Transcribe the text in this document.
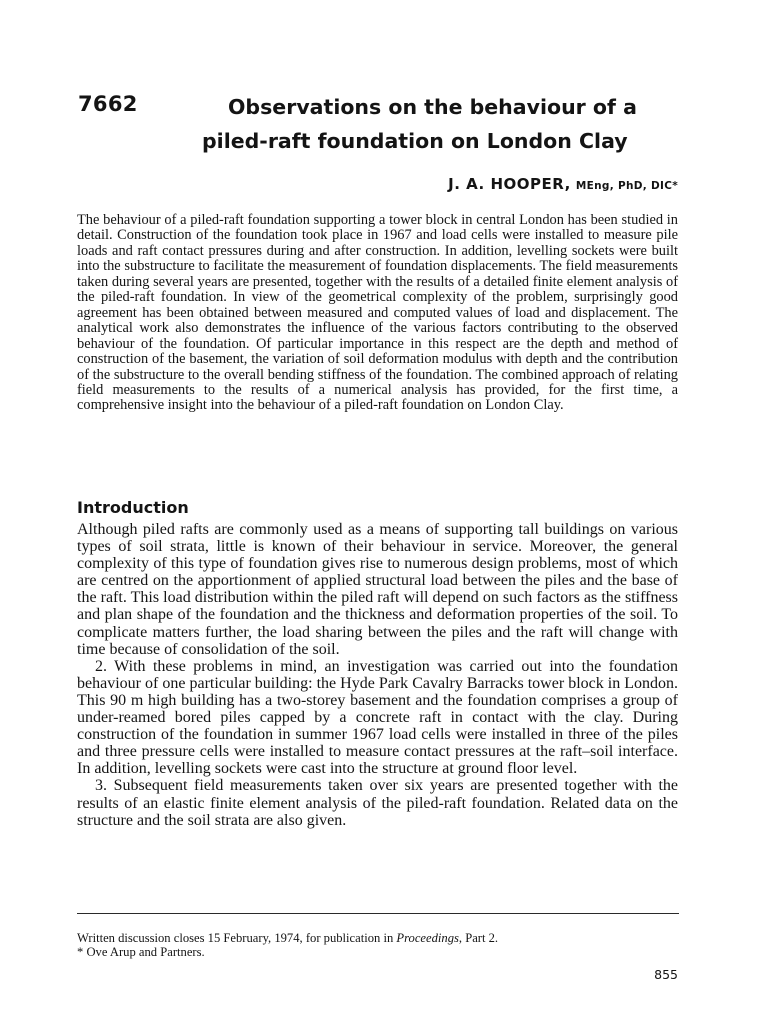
7662	Observations on the behaviour of a
piled-raft foundation on London Clay
J. A. HOOPER, MEng, PhD, DIC*

The behaviour of a piled-raft foundation supporting a tower block in central London has been studied in detail. Construction of the foundation took place in 1967 and load cells were installed to measure pile loads and raft contact pressures during and after construction. In addition, levelling sockets were built into the substructure to facilitate the measurement of foundation displacements. The field measurements taken during several years are presented, together with the results of a detailed finite element analysis of the piled-raft foundation. In view of the geometrical complexity of the problem, surprisingly good agreement has been obtained between measured and computed values of load and displacement. The analytical work also demonstrates the influence of the various factors contributing to the observed behaviour of the foundation. Of particular importance in this respect are the depth and method of construction of the basement, the variation of soil deformation modulus with depth and the contribution of the substructure to the overall bending stiffness of the foundation. The combined approach of relating field measurements to the results of a numerical analysis has provided, for the first time, a comprehensive insight into the behaviour of a piled-raft foundation on London Clay.

Introduction

Although piled rafts are commonly used as a means of supporting tall buildings on various types of soil strata, little is known of their behaviour in service. Moreover, the general complexity of this type of foundation gives rise to numerous design problems, most of which are centred on the apportionment of applied structural load between the piles and the base of the raft. This load distribution within the piled raft will depend on such factors as the stiffness and plan shape of the foundation and the thickness and deformation properties of the soil. To complicate matters further, the load sharing between the piles and the raft will change with time because of consolidation of the soil.

2. With these problems in mind, an investigation was carried out into the foundation behaviour of one particular building: the Hyde Park Cavalry Barracks tower block in London. This 90 m high building has a two-storey basement and the foundation comprises a group of under-reamed bored piles capped by a concrete raft in contact with the clay. During construction of the foundation in summer 1967 load cells were installed in three of the piles and three pressure cells were installed to measure contact pressures at the raft–soil interface. In addition, levelling sockets were cast into the structure at ground floor level.

3. Subsequent field measurements taken over six years are presented together with the results of an elastic finite element analysis of the piled-raft foundation. Related data on the structure and the soil strata are also given.

Written discussion closes 15 February, 1974, for publication in Proceedings, Part 2.

* Ove Arup and Partners.

855
